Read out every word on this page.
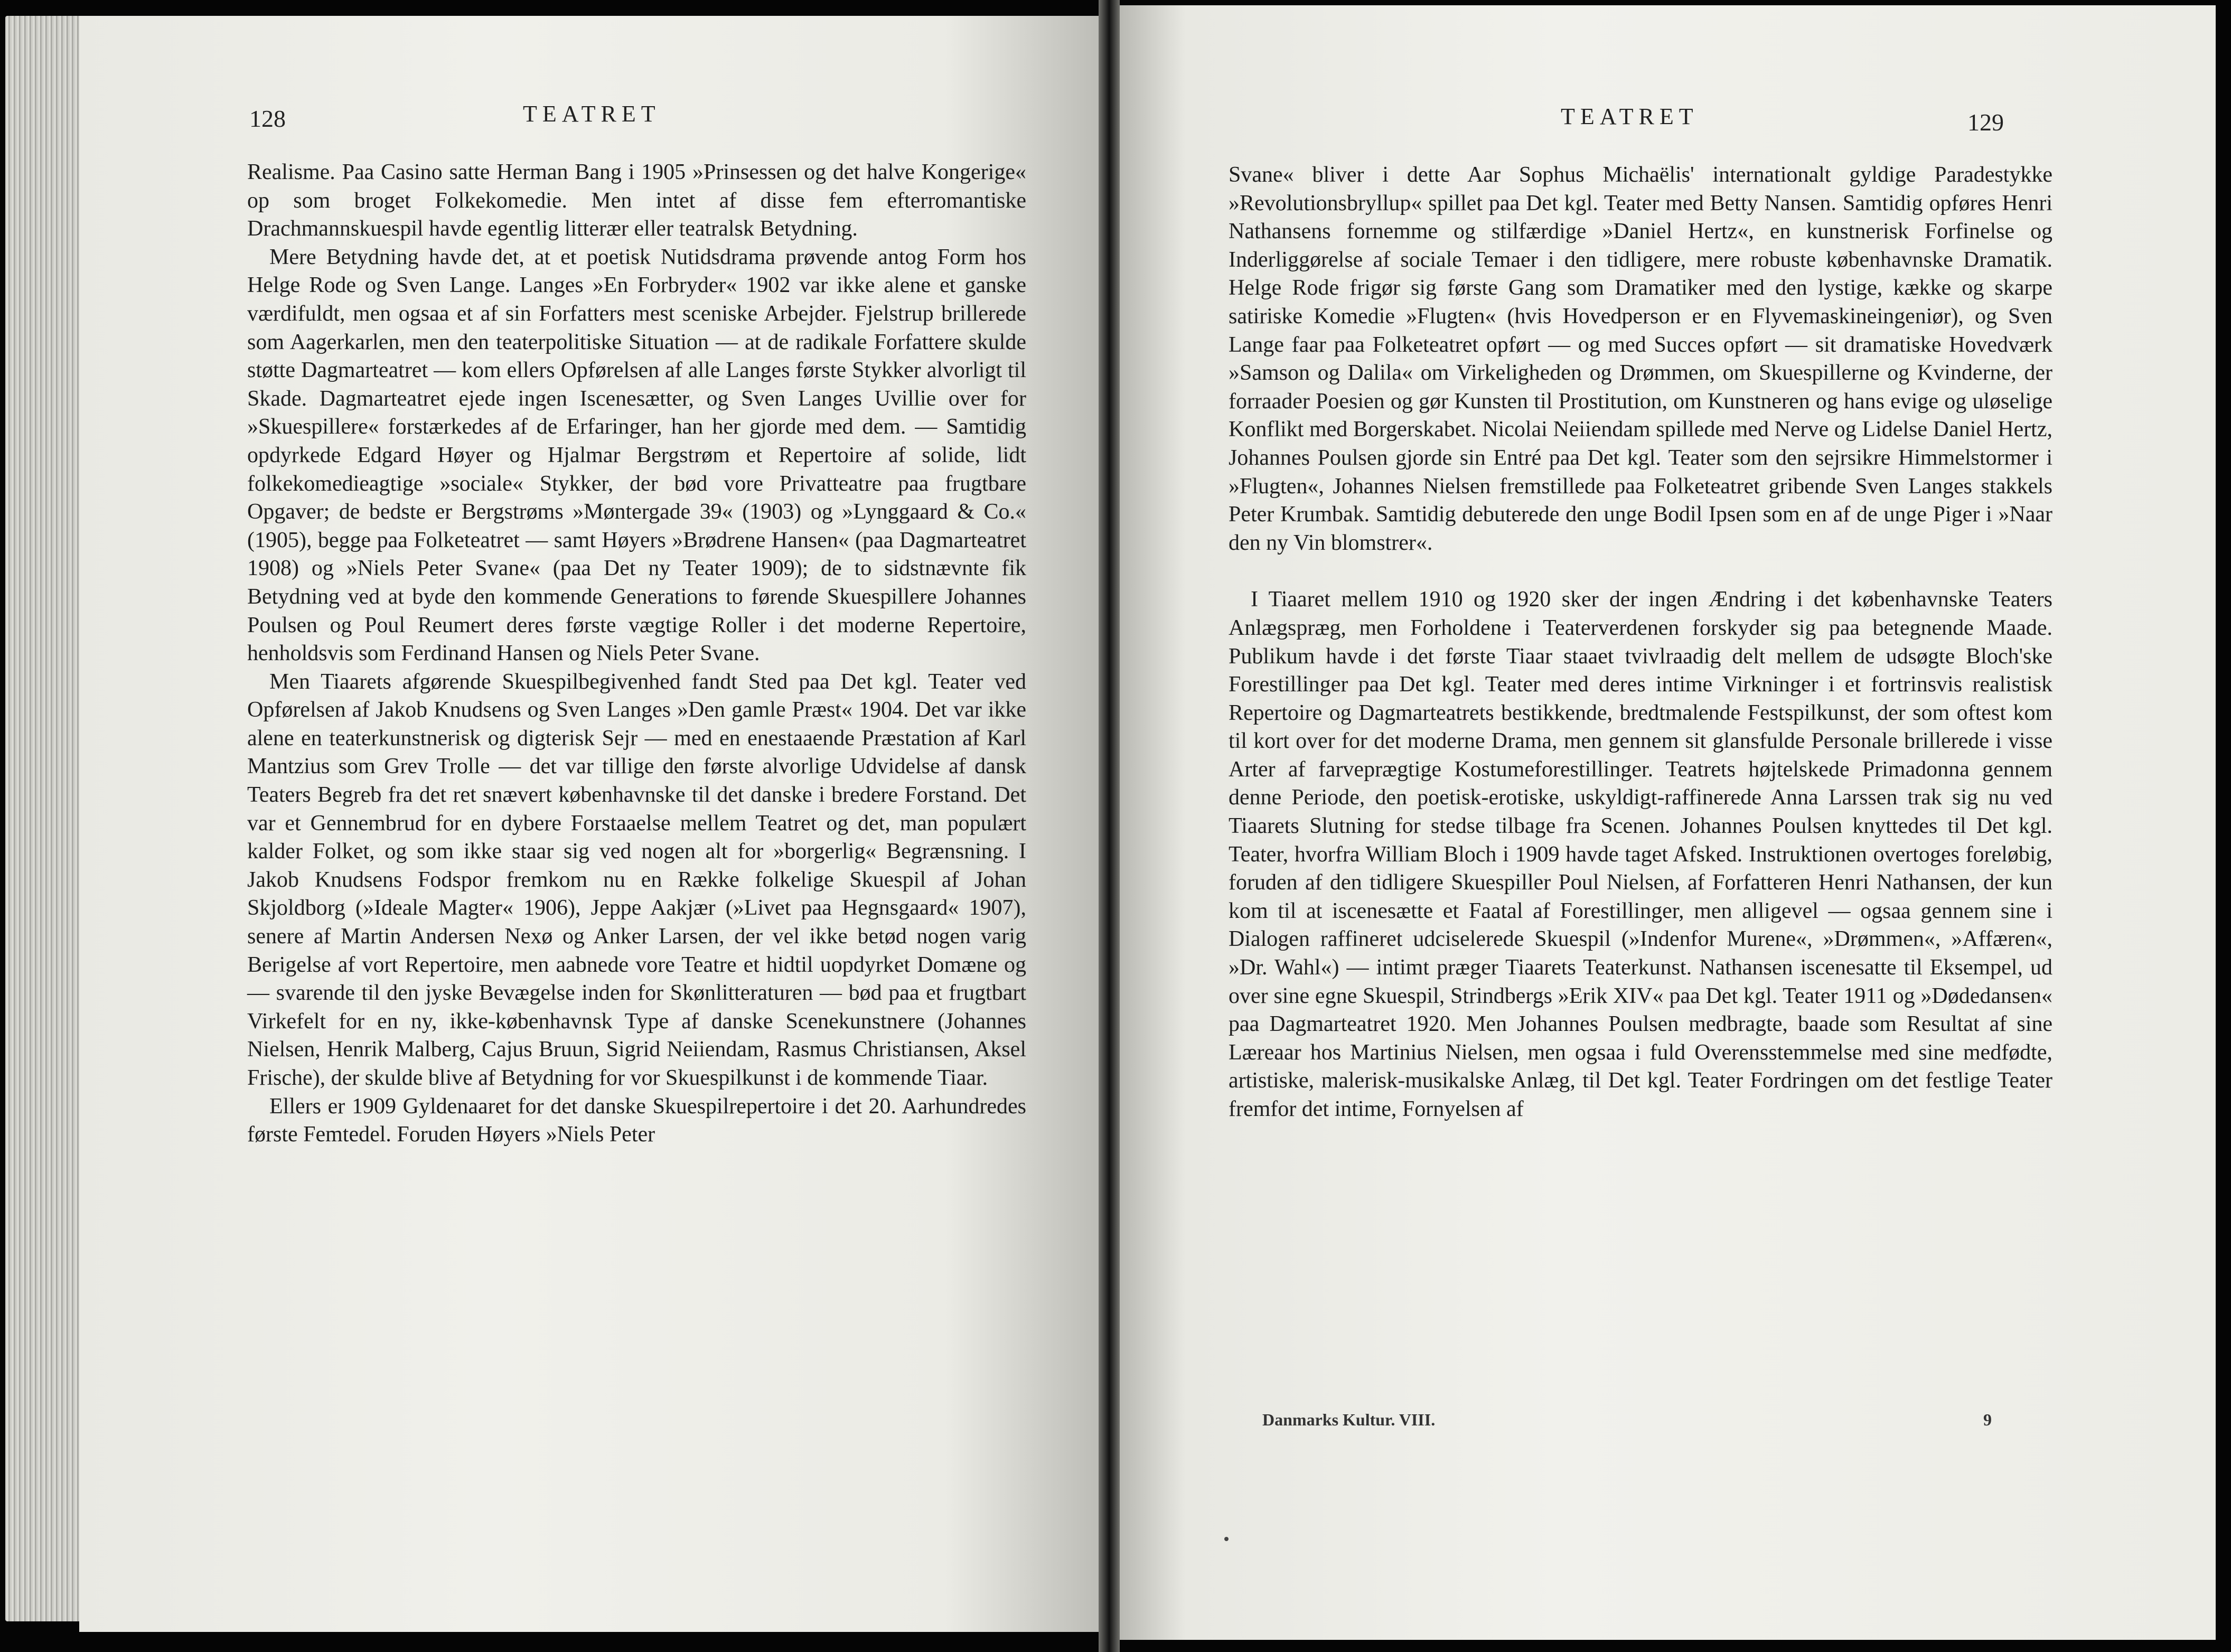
128	TEATRET

Realisme. Paa Casino satte Herman Bang i 1905 »Prinsessen og det halve Kongerige« op som broget Folkekomedie. Men intet af disse fem efterromantiske Drachmannskuespil havde egentlig litterær eller teatralsk Betydning.

Mere Betydning havde det, at et poetisk Nutidsdrama prøvende antog Form hos Helge Rode og Sven Lange. Langes »En Forbryder« 1902 var ikke alene et ganske værdifuldt, men ogsaa et af sin Forfatters mest sceniske Arbejder. Fjelstrup brillerede som Aagerkarlen, men den teaterpolitiske Situation — at de radikale Forfattere skulde støtte Dagmarteatret — kom ellers Opførelsen af alle Langes første Stykker alvorligt til Skade. Dagmarteatret ejede ingen Iscenesætter, og Sven Langes Uvillie over for »Skuespillere« forstærkedes af de Erfaringer, han her gjorde med dem. — Samtidig opdyrkede Edgard Høyer og Hjalmar Bergstrøm et Repertoire af solide, lidt folkekomedieagtige »sociale« Stykker, der bød vore Privatteatre paa frugtbare Opgaver; de bedste er Bergstrøms »Møntergade 39« (1903) og »Lynggaard & Co.« (1905), begge paa Folketeatret — samt Høyers »Brødrene Hansen« (paa Dagmarteatret 1908) og »Niels Peter Svane« (paa Det ny Teater 1909); de to sidstnævnte fik Betydning ved at byde den kommende Generations to førende Skuespillere Johannes Poulsen og Poul Reumert deres første vægtige Roller i det moderne Repertoire, henholdsvis som Ferdinand Hansen og Niels Peter Svane.

Men Tiaarets afgørende Skuespilbegivenhed fandt Sted paa Det kgl. Teater ved Opførelsen af Jakob Knudsens og Sven Langes »Den gamle Præst« 1904. Det var ikke alene en teaterkunstnerisk og digterisk Sejr — med en enestaaende Præstation af Karl Mantzius som Grev Trolle — det var tillige den første alvorlige Udvidelse af dansk Teaters Begreb fra det ret snævert københavnske til det danske i bredere Forstand. Det var et Gennembrud for en dybere Forstaaelse mellem Teatret og det, man populært kalder Folket, og som ikke staar sig ved nogen alt for »borgerlig« Begrænsning. I Jakob Knudsens Fodspor fremkom nu en Række folkelige Skuespil af Johan Skjoldborg (»Ideale Magter« 1906), Jeppe Aakjær (»Livet paa Hegnsgaard« 1907), senere af Martin Andersen Nexø og Anker Larsen, der vel ikke betød nogen varig Berigelse af vort Repertoire, men aabnede vore Teatre et hidtil uopdyrket Domæne og — svarende til den jyske Bevægelse inden for Skønlitteraturen — bød paa et frugtbart Virkefelt for en ny, ikke-københavnsk Type af danske Scenekunstnere (Johannes Nielsen, Henrik Malberg, Cajus Bruun, Sigrid Neiiendam, Rasmus Christiansen, Aksel Frische), der skulde blive af Betydning for vor Skuespilkunst i de kommende Tiaar.

Ellers er 1909 Gyldenaaret for det danske Skuespilrepertoire i det 20. Aarhundredes første Femtedel. Foruden Høyers »Niels Peter

TEATRET	129

Svane« bliver i dette Aar Sophus Michaëlis' internationalt gyldige Paradestykke »Revolutionsbryllup« spillet paa Det kgl. Teater med Betty Nansen. Samtidig opføres Henri Nathansens fornemme og stilfærdige »Daniel Hertz«, en kunstnerisk Forfinelse og Inderliggørelse af sociale Temaer i den tidligere, mere robuste københavnske Dramatik. Helge Rode frigør sig første Gang som Dramatiker med den lystige, kække og skarpe satiriske Komedie »Flugten« (hvis Hovedperson er en Flyvemaskineingeniør), og Sven Lange faar paa Folketeatret opført — og med Succes opført — sit dramatiske Hovedværk »Samson og Dalila« om Virkeligheden og Drømmen, om Skuespillerne og Kvinderne, der forraader Poesien og gør Kunsten til Prostitution, om Kunstneren og hans evige og uløselige Konflikt med Borgerskabet. Nicolai Neiiendam spillede med Nerve og Lidelse Daniel Hertz, Johannes Poulsen gjorde sin Entré paa Det kgl. Teater som den sejrsikre Himmelstormer i »Flugten«, Johannes Nielsen fremstillede paa Folketeatret gribende Sven Langes stakkels Peter Krumbak. Samtidig debuterede den unge Bodil Ipsen som en af de unge Piger i »Naar den ny Vin blomstrer«.

I Tiaaret mellem 1910 og 1920 sker der ingen Ændring i det københavnske Teaters Anlægspræg, men Forholdene i Teaterverdenen forskyder sig paa betegnende Maade. Publikum havde i det første Tiaar staaet tvivlraadig delt mellem de udsøgte Bloch'ske Forestillinger paa Det kgl. Teater med deres intime Virkninger i et fortrinsvis realistisk Repertoire og Dagmarteatrets bestikkende, bredtmalende Festspilkunst, der som oftest kom til kort over for det moderne Drama, men gennem sit glansfulde Personale brillerede i visse Arter af farveprægtige Kostumeforestillinger. Teatrets højtelskede Primadonna gennem denne Periode, den poetisk-erotiske, uskyldigt-raffinerede Anna Larssen trak sig nu ved Tiaarets Slutning for stedse tilbage fra Scenen. Johannes Poulsen knyttedes til Det kgl. Teater, hvorfra William Bloch i 1909 havde taget Afsked. Instruktionen overtoges foreløbig, foruden af den tidligere Skuespiller Poul Nielsen, af Forfatteren Henri Nathansen, der kun kom til at iscenesætte et Faatal af Forestillinger, men alligevel — ogsaa gennem sine i Dialogen raffineret udciselerede Skuespil (»Indenfor Murene«, »Drømmen«, »Affæren«, »Dr. Wahl«) — intimt præger Tiaarets Teaterkunst. Nathansen iscenesatte til Eksempel, ud over sine egne Skuespil, Strindbergs »Erik XIV« paa Det kgl. Teater 1911 og »Dødedansen« paa Dagmarteatret 1920. Men Johannes Poulsen medbragte, baade som Resultat af sine Læreaar hos Martinius Nielsen, men ogsaa i fuld Overensstemmelse med sine medfødte, artistiske, malerisk-musikalske Anlæg, til Det kgl. Teater Fordringen om det festlige Teater fremfor det intime, Fornyelsen af

Danmarks Kultur. VIII.	9
